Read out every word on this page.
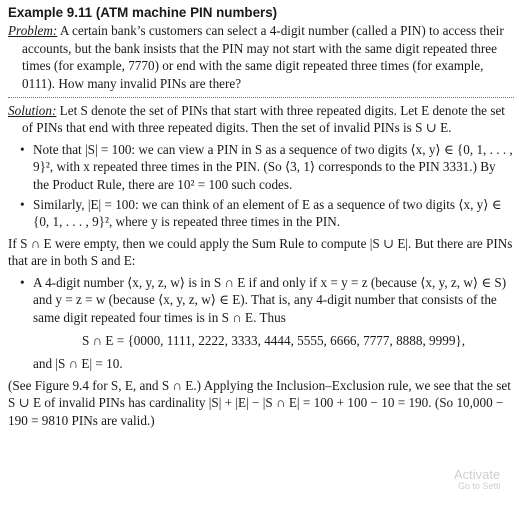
Example 9.11 (ATM machine PIN numbers)

Problem: A certain bank’s customers can select a 4-digit number (called a PIN) to access their accounts, but the bank insists that the PIN may not start with the same digit repeated three times (for example, 7770) or end with the same digit repeated three times (for example, 0111). How many invalid PINs are there?

Solution: Let S denote the set of PINs that start with three repeated digits. Let E denote the set of PINs that end with three repeated digits. Then the set of invalid PINs is S ∪ E.

• Note that |S| = 100: we can view a PIN in S as a sequence of two digits ⟨x, y⟩ ∈ {0, 1, . . . , 9}², with x repeated three times in the PIN. (So ⟨3, 1⟩ corresponds to the PIN 3331.) By the Product Rule, there are 10² = 100 such codes.
• Similarly, |E| = 100: we can think of an element of E as a sequence of two digits ⟨x, y⟩ ∈ {0, 1, . . . , 9}², where y is repeated three times in the PIN.

If S ∩ E were empty, then we could apply the Sum Rule to compute |S ∪ E|. But there are PINs that are in both S and E:

• A 4-digit number ⟨x, y, z, w⟩ is in S ∩ E if and only if x = y = z (because ⟨x, y, z, w⟩ ∈ S) and y = z = w (because ⟨x, y, z, w⟩ ∈ E). That is, any 4-digit number that consists of the same digit repeated four times is in S ∩ E. Thus
S ∩ E = {0000, 1111, 2222, 3333, 4444, 5555, 6666, 7777, 8888, 9999},
and |S ∩ E| = 10.

(See Figure 9.4 for S, E, and S ∩ E.) Applying the Inclusion–Exclusion rule, we see that the set S ∪ E of invalid PINs has cardinality |S| + |E| − |S ∩ E| = 100 + 100 − 10 = 190. (So 10,000 − 190 = 9810 PINs are valid.)

Activate
Go to Setti
